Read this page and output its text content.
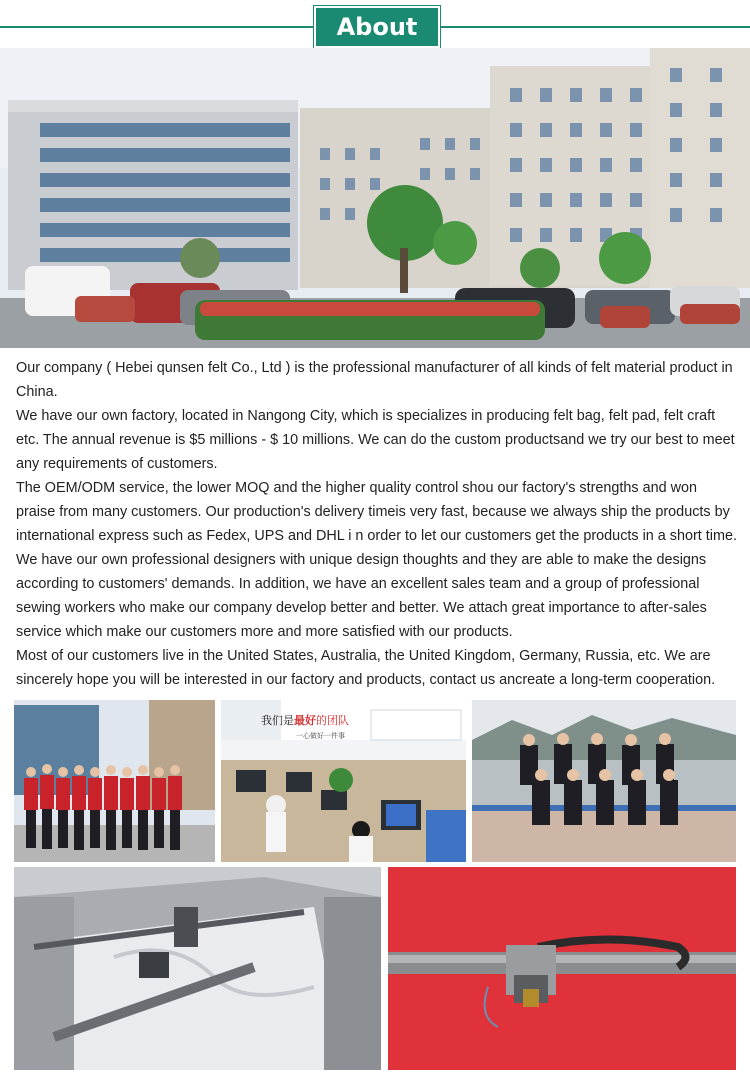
About

Our company ( Hebei qunsen felt Co., Ltd ) is the professional manufacturer of all kinds of felt material product in China.

We have our own factory, located in Nangong City, which is specializes in producing felt bag, felt pad, felt craft etc. The annual revenue is $5 millions - $ 10 millions. We can do the custom productsand we try our best to meet any requirements of customers.

The OEM/ODM service, the lower MOQ and the higher quality control shou our factory's strengths and won praise from many customers. Our production's delivery timeis very fast, because we always ship the products by international express such as Fedex, UPS and DHL i n order to let our customers get the products in a short time. We have our own professional designers with unique design thoughts and they are able to make the designs according to customers' demands. In addition, we have an excellent sales team and a group of professional sewing workers who make our company develop better and better. We attach great importance to after-sales service which make our customers more and more satisfied with our products.

Most of our customers live in the United States, Australia, the United Kingdom, Germany, Russia, etc. We are sincerely hope you will be interested in our factory and products, contact us ancreate a long-term cooperation.

我们是最好的团队
一心做好一件事
